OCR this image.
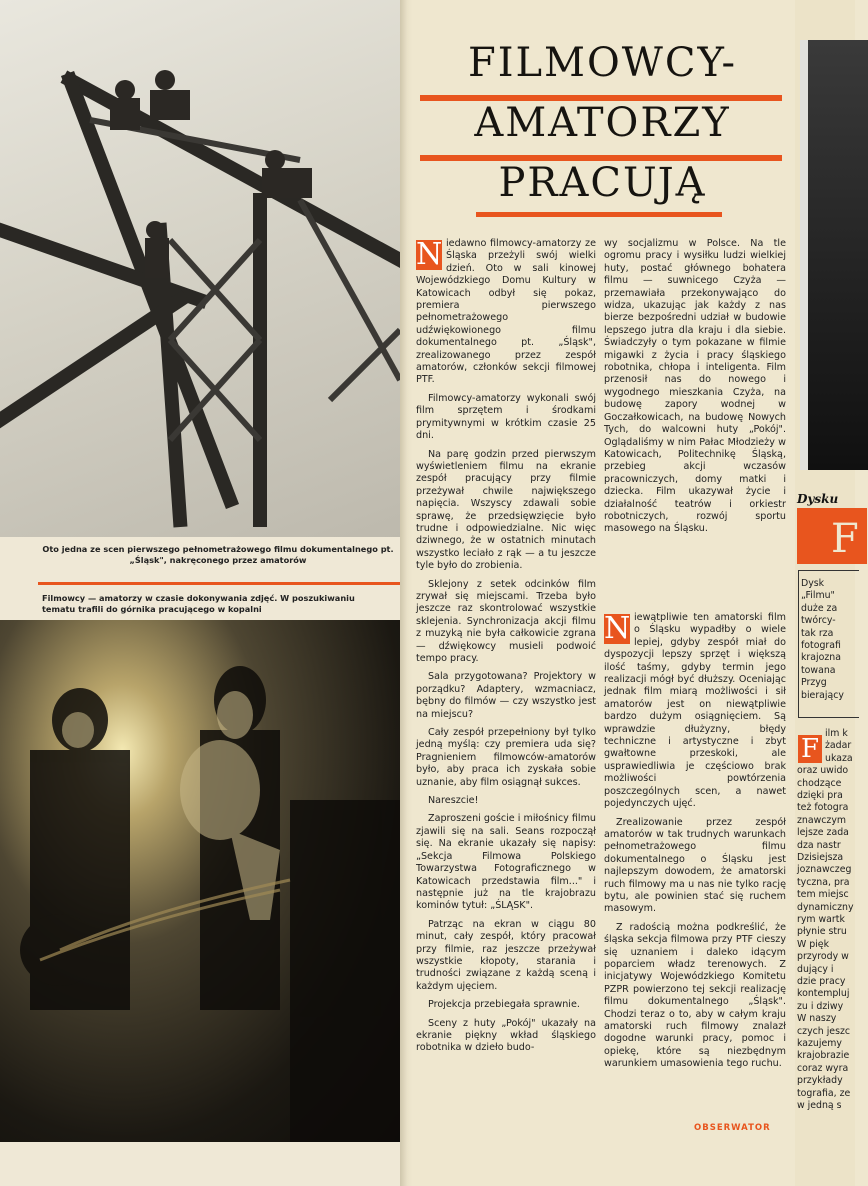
Oto jedna ze scen pierwszego pełnometrażowego filmu dokumentalnego pt. „Śląsk", nakręconego przez amatorów
Filmowcy — amatorzy w czasie dokonywania zdjęć. W poszukiwaniu tematu trafili do górnika pracującego w kopalni
FILMOWCY-
AMATORZY
PRACUJĄ

N iedawno filmowcy-amatorzy ze Śląska przeżyli swój wielki dzień. Oto w sali kinowej Wojewódzkiego Domu Kultury w Katowicach odbył się pokaz, premiera pierwszego pełnometrażowego udźwiękowionego filmu dokumentalnego pt. „Śląsk", zrealizowanego przez zespół amatorów, członków sekcji filmowej PTF.

Filmowcy-amatorzy wykonali swój film sprzętem i środkami prymitywnymi w krótkim czasie 25 dni.

Na parę godzin przed pierwszym wyświetleniem filmu na ekranie zespół pracujący przy filmie przeżywał chwile największego napięcia. Wszyscy zdawali sobie sprawę, że przedsięwzięcie było trudne i odpowiedzialne. Nic więc dziwnego, że w ostatnich minutach wszystko leciało z rąk — a tu jeszcze tyle było do zrobienia.

Sklejony z setek odcinków film zrywał się miejscami. Trzeba było jeszcze raz skontrolować wszystkie sklejenia. Synchronizacja akcji filmu z muzyką nie była całkowicie zgrana — dźwiękowcy musieli podwoić tempo pracy.

Sala przygotowana? Projektory w porządku? Adaptery, wzmacniacz, bębny do filmów — czy wszystko jest na miejscu?

Cały zespół przepełniony był tylko jedną myślą: czy premiera uda się? Pragnieniem filmowców-amatorów było, aby praca ich zyskała sobie uznanie, aby film osiągnął sukces.

Nareszcie!

Zaproszeni goście i miłośnicy filmu zjawili się na sali. Seans rozpoczął się. Na ekranie ukazały się napisy: „Sekcja Filmowa Polskiego Towarzystwa Fotograficznego w Katowicach przedstawia film..." i następnie już na tle krajobrazu kominów tytuł: „ŚLĄSK".

Patrząc na ekran w ciągu 80 minut, cały zespół, który pracował przy filmie, raz jeszcze przeżywał wszystkie kłopoty, starania i trudności związane z każdą sceną i każdym ujęciem.

Projekcja przebiegała sprawnie.

Sceny z huty „Pokój" ukazały na ekranie piękny wkład śląskiego robotnika w dzieło budo-

wy socjalizmu w Polsce. Na tle ogromu pracy i wysiłku ludzi wielkiej huty, postać głównego bohatera filmu — suwnicego Czyża — przemawiała przekonywająco do widza, ukazując jak każdy z nas bierze bezpośredni udział w budowie lepszego jutra dla kraju i dla siebie. Świadczyły o tym pokazane w filmie migawki z życia i pracy śląskiego robotnika, chłopa i inteligenta. Film przenosił nas do nowego i wygodnego mieszkania Czyża, na budowę zapory wodnej w Goczałkowicach, na budowę Nowych Tych, do walcowni huty „Pokój". Oglądaliśmy w nim Pałac Młodzieży w Katowicach, Politechnikę Śląską, przebieg akcji wczasów pracowniczych, domy matki i dziecka. Film ukazywał życie i działalność teatrów i orkiestr robotniczych, rozwój sportu masowego na Śląsku.

N iewątpliwie ten amatorski film o Śląsku wypadłby o wiele lepiej, gdyby zespół miał do dyspozycji lepszy sprzęt i większą ilość taśmy, gdyby termin jego realizacji mógł być dłuższy. Oceniając jednak film miarą możliwości i sił amatorów jest on niewątpliwie bardzo dużym osiągnięciem. Są wprawdzie dłużyzny, błędy techniczne i artystyczne i zbyt gwałtowne przeskoki, ale usprawiedliwia je częściowo brak możliwości powtórzenia poszczególnych scen, a nawet pojedynczych ujęć.

Zrealizowanie przez zespół amatorów w tak trudnych warunkach pełnometrażowego filmu dokumentalnego o Śląsku jest najlepszym dowodem, że amatorski ruch filmowy ma u nas nie tylko rację bytu, ale powinien stać się ruchem masowym.

Z radością można podkreślić, że śląska sekcja filmowa przy PTF cieszy się uznaniem i daleko idącym poparciem władz terenowych. Z inicjatywy Wojewódzkiego Komitetu PZPR powierzono tej sekcji realizację filmu dokumentalnego „Śląsk". Chodzi teraz o to, aby w całym kraju amatorski ruch filmowy znalazł dogodne warunki pracy, pomoc i opiekę, które są niezbędnym warunkiem umasowienia tego ruchu.

OBSERWATOR
Dysku
F
Dysk
„Filmu"
duże za
twórcy-
tak rza
fotografi
krajozna
towana
Przyg
bierający
F
ilm k
żadar
ukaza
oraz uwido
chodzące
dzięki pra
też fotogra
znawczym
lejsze zada
dza nastr
Dzisiejsza
joznawczeg
tyczna, pra
tem miejsc
dynamiczny
rym wartk
płynie stru
W pięk
przyrody w
dujący i
dzie pracy
kontempluj
zu i dziwy
W naszy
czych jeszc
kazujemy
krajobrazie
coraz wyra
przykłady
tografia, ze
w jedną s
